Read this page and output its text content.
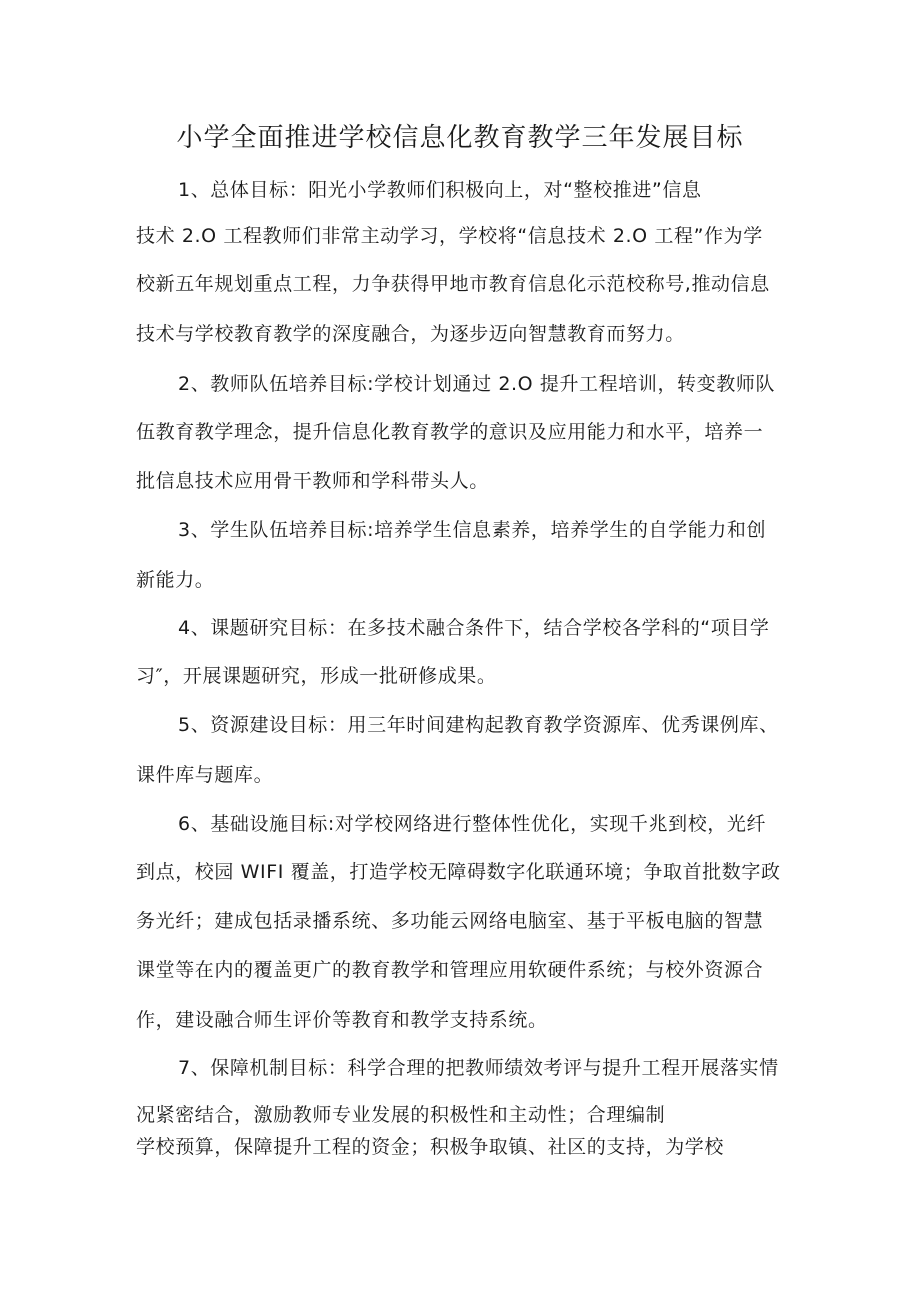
小学全面推进学校信息化教育教学三年发展目标
1、总体目标：阳光小学教师们积极向上，对“整校推进”信息
技术 2.O 工程教师们非常主动学习，学校将“信息技术 2.O 工程”作为学
校新五年规划重点工程，力争获得甲地市教育信息化示范校称号,推动信息
技术与学校教育教学的深度融合，为逐步迈向智慧教育而努力。
2、教师队伍培养目标:学校计划通过 2.O 提升工程培训，转变教师队
伍教育教学理念，提升信息化教育教学的意识及应用能力和水平，培养一
批信息技术应用骨干教师和学科带头人。
3、学生队伍培养目标:培养学生信息素养，培养学生的自学能力和创
新能力。
4、课题研究目标：在多技术融合条件下，结合学校各学科的“项目学
习″，开展课题研究，形成一批研修成果。
5、资源建设目标：用三年时间建构起教育教学资源库、优秀课例库、
课件库与题库。
6、基础设施目标:对学校网络进行整体性优化，实现千兆到校，光纤
到点，校园 WIFI 覆盖，打造学校无障碍数字化联通环境；争取首批数字政
务光纤；建成包括录播系统、多功能云网络电脑室、基于平板电脑的智慧
课堂等在内的覆盖更广的教育教学和管理应用软硬件系统；与校外资源合
作，建设融合师生评价等教育和教学支持系统。
7、保障机制目标：科学合理的把教师绩效考评与提升工程开展落实情
况紧密结合，激励教师专业发展的积极性和主动性；合理编制
学校预算，保障提升工程的资金；积极争取镇、社区的支持，为学校
